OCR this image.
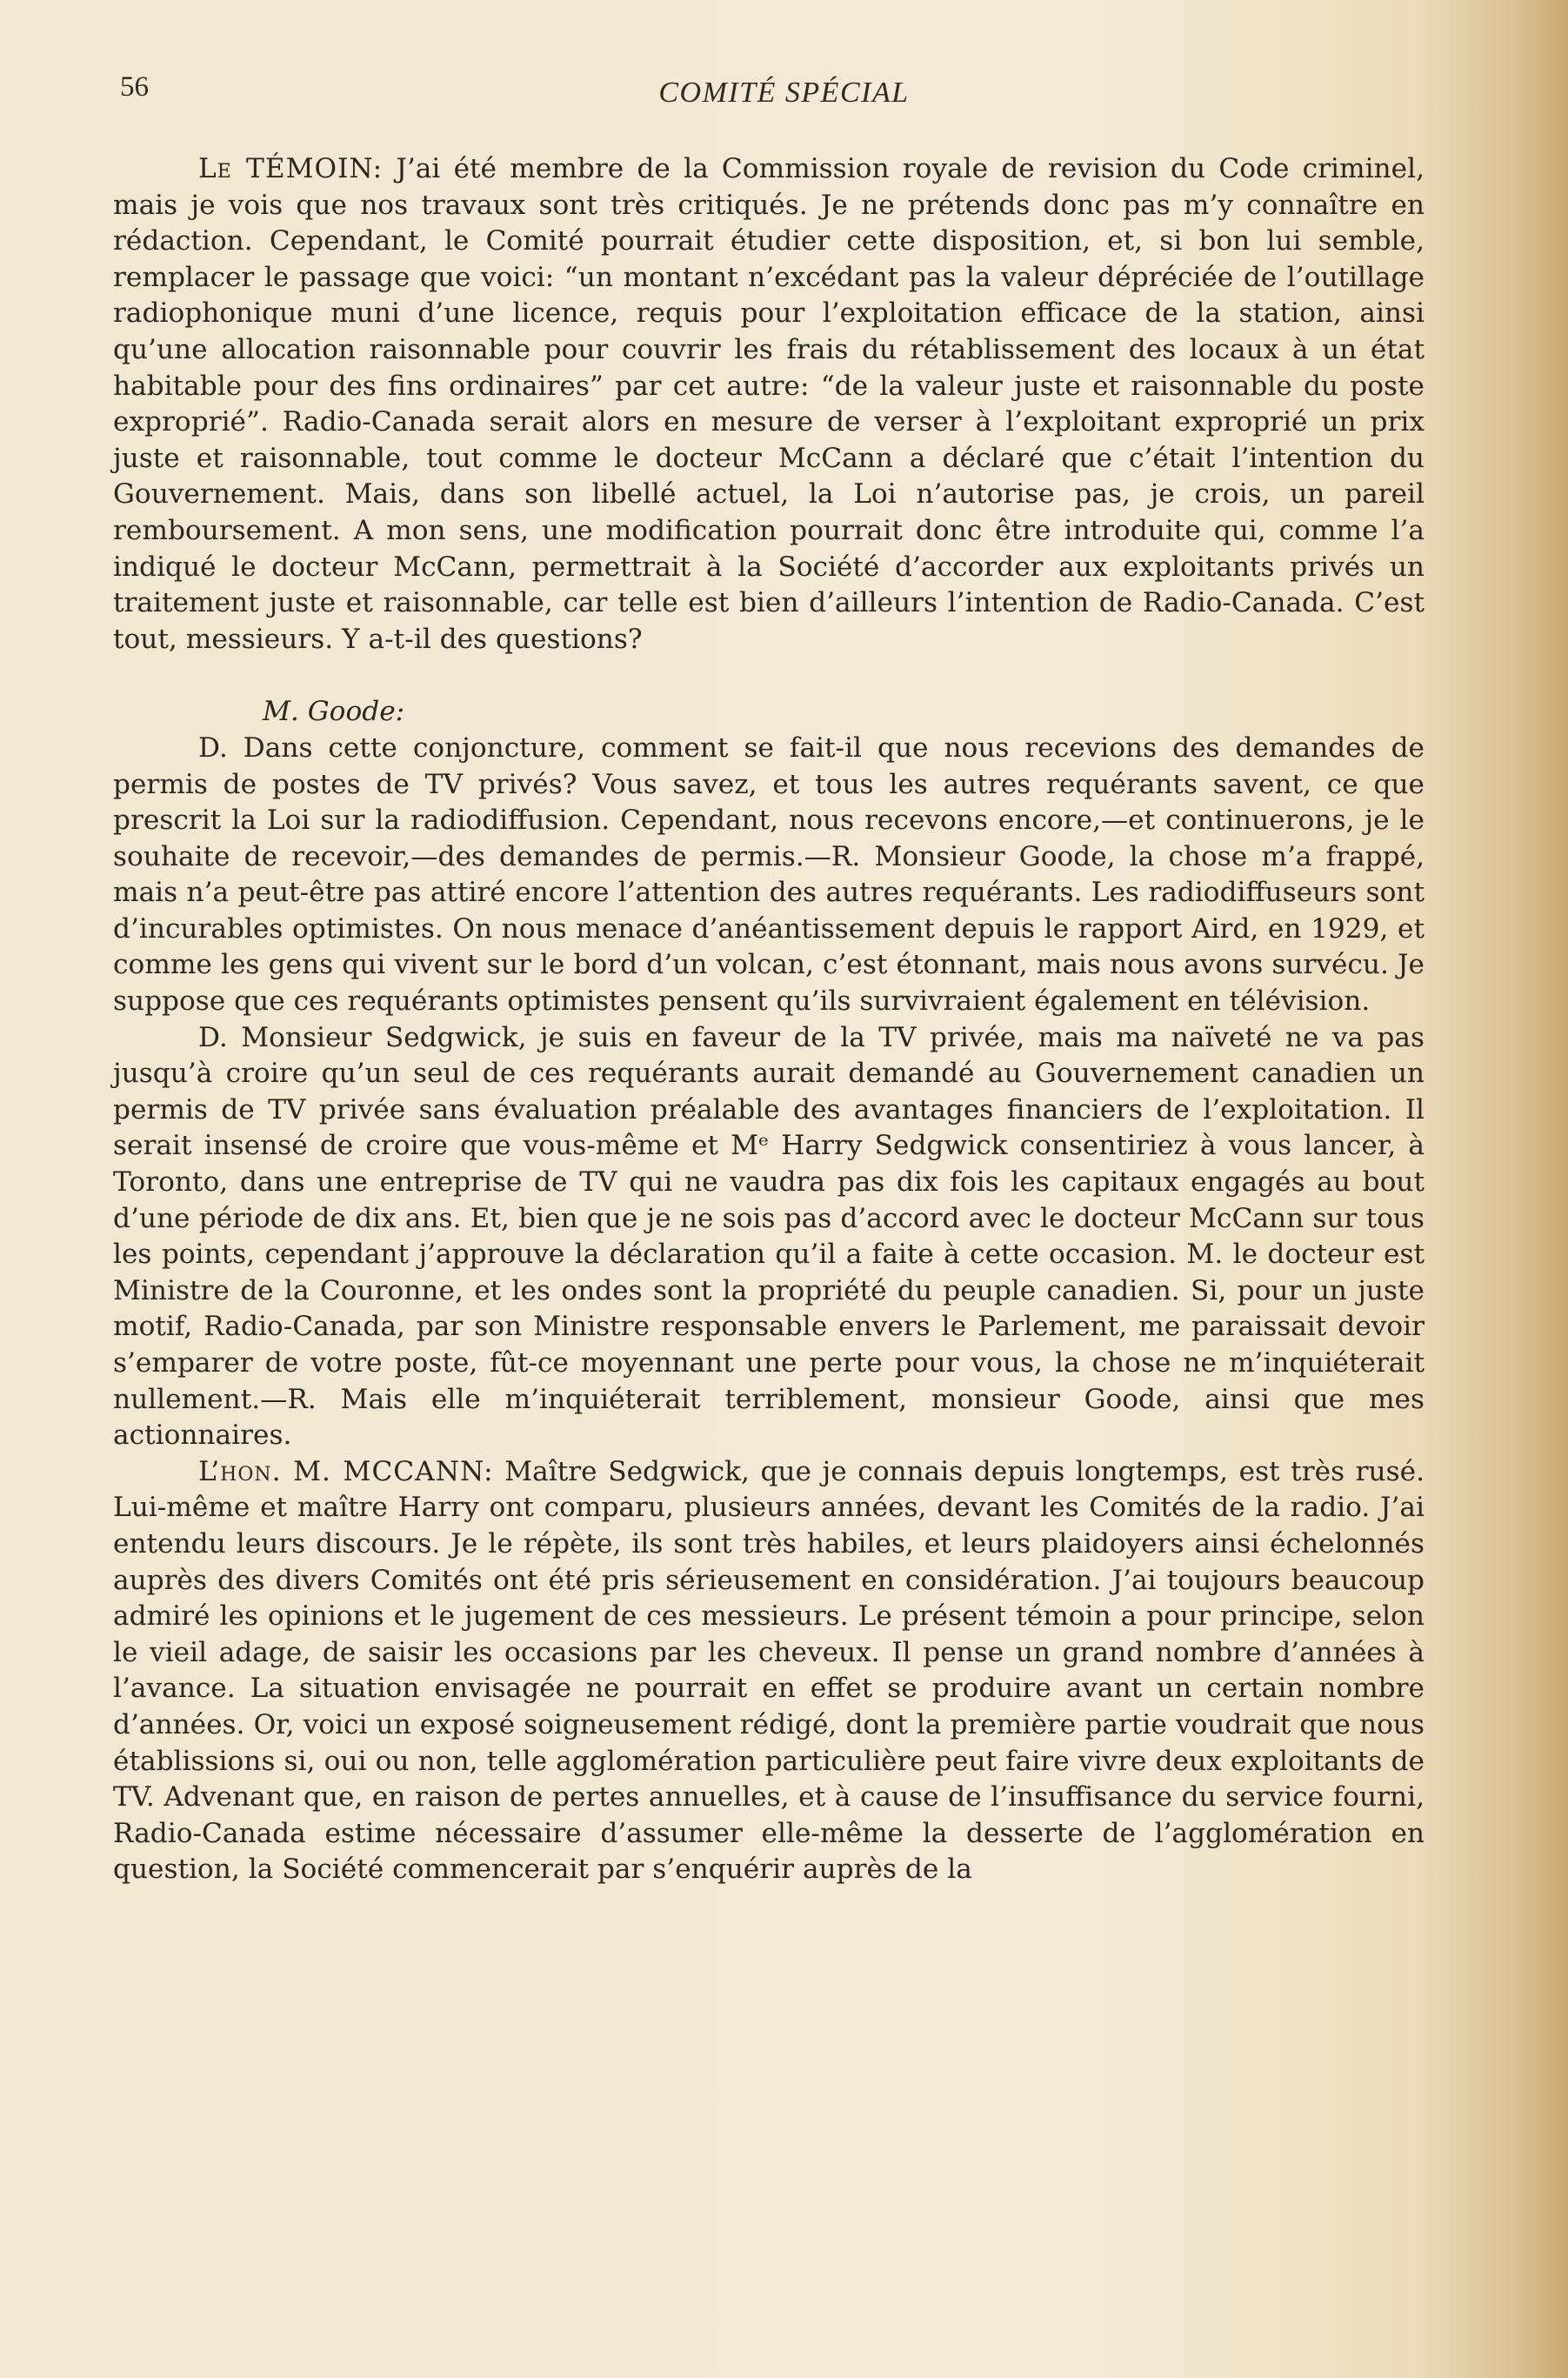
56	COMITÉ SPÉCIAL

Le TÉMOIN: J’ai été membre de la Commission royale de revision du Code criminel, mais je vois que nos travaux sont très critiqués. Je ne prétends donc pas m’y connaître en rédaction. Cependant, le Comité pourrait étudier cette disposition, et, si bon lui semble, remplacer le passage que voici: “un montant n’excédant pas la valeur dépréciée de l’outillage radiophonique muni d’une licence, requis pour l’exploitation efficace de la station, ainsi qu’une allocation raisonnable pour couvrir les frais du rétablissement des locaux à un état habitable pour des fins ordinaires” par cet autre: “de la valeur juste et raisonnable du poste exproprié”. Radio-Canada serait alors en mesure de verser à l’exploitant exproprié un prix juste et raisonnable, tout comme le docteur McCann a déclaré que c’était l’intention du Gouvernement. Mais, dans son libellé actuel, la Loi n’autorise pas, je crois, un pareil remboursement. A mon sens, une modification pourrait donc être introduite qui, comme l’a indiqué le docteur McCann, permettrait à la Société d’accorder aux exploitants privés un traitement juste et raisonnable, car telle est bien d’ailleurs l’intention de Radio-Canada. C’est tout, messieurs. Y a-t-il des questions?

M. Goode:

D. Dans cette conjoncture, comment se fait-il que nous recevions des demandes de permis de postes de TV privés? Vous savez, et tous les autres requérants savent, ce que prescrit la Loi sur la radiodiffusion. Cependant, nous recevons encore,—et continuerons, je le souhaite de recevoir,—des demandes de permis.—R. Monsieur Goode, la chose m’a frappé, mais n’a peut-être pas attiré encore l’attention des autres requérants. Les radiodiffuseurs sont d’incurables optimistes. On nous menace d’anéantissement depuis le rapport Aird, en 1929, et comme les gens qui vivent sur le bord d’un volcan, c’est étonnant, mais nous avons survécu. Je suppose que ces requérants optimistes pensent qu’ils survivraient également en télévision.

D. Monsieur Sedgwick, je suis en faveur de la TV privée, mais ma naïveté ne va pas jusqu’à croire qu’un seul de ces requérants aurait demandé au Gouvernement canadien un permis de TV privée sans évaluation préalable des avantages financiers de l’exploitation. Il serait insensé de croire que vous-même et Mᵉ Harry Sedgwick consentiriez à vous lancer, à Toronto, dans une entreprise de TV qui ne vaudra pas dix fois les capitaux engagés au bout d’une période de dix ans. Et, bien que je ne sois pas d’accord avec le docteur McCann sur tous les points, cependant j’approuve la déclaration qu’il a faite à cette occasion. M. le docteur est Ministre de la Couronne, et les ondes sont la propriété du peuple canadien. Si, pour un juste motif, Radio-Canada, par son Ministre responsable envers le Parlement, me paraissait devoir s’emparer de votre poste, fût-ce moyennant une perte pour vous, la chose ne m’inquiéterait nullement.—R. Mais elle m’inquiéterait terriblement, monsieur Goode, ainsi que mes actionnaires.

L’hon. M. MCCANN: Maître Sedgwick, que je connais depuis longtemps, est très rusé. Lui-même et maître Harry ont comparu, plusieurs années, devant les Comités de la radio. J’ai entendu leurs discours. Je le répète, ils sont très habiles, et leurs plaidoyers ainsi échelonnés auprès des divers Comités ont été pris sérieusement en considération. J’ai toujours beaucoup admiré les opinions et le jugement de ces messieurs. Le présent témoin a pour principe, selon le vieil adage, de saisir les occasions par les cheveux. Il pense un grand nombre d’années à l’avance. La situation envisagée ne pourrait en effet se produire avant un certain nombre d’années. Or, voici un exposé soigneusement rédigé, dont la première partie voudrait que nous établissions si, oui ou non, telle agglomération particulière peut faire vivre deux exploitants de TV. Advenant que, en raison de pertes annuelles, et à cause de l’insuffisance du service fourni, Radio-Canada estime nécessaire d’assumer elle-même la desserte de l’agglomération en question, la Société commencerait par s’enquérir auprès de la
